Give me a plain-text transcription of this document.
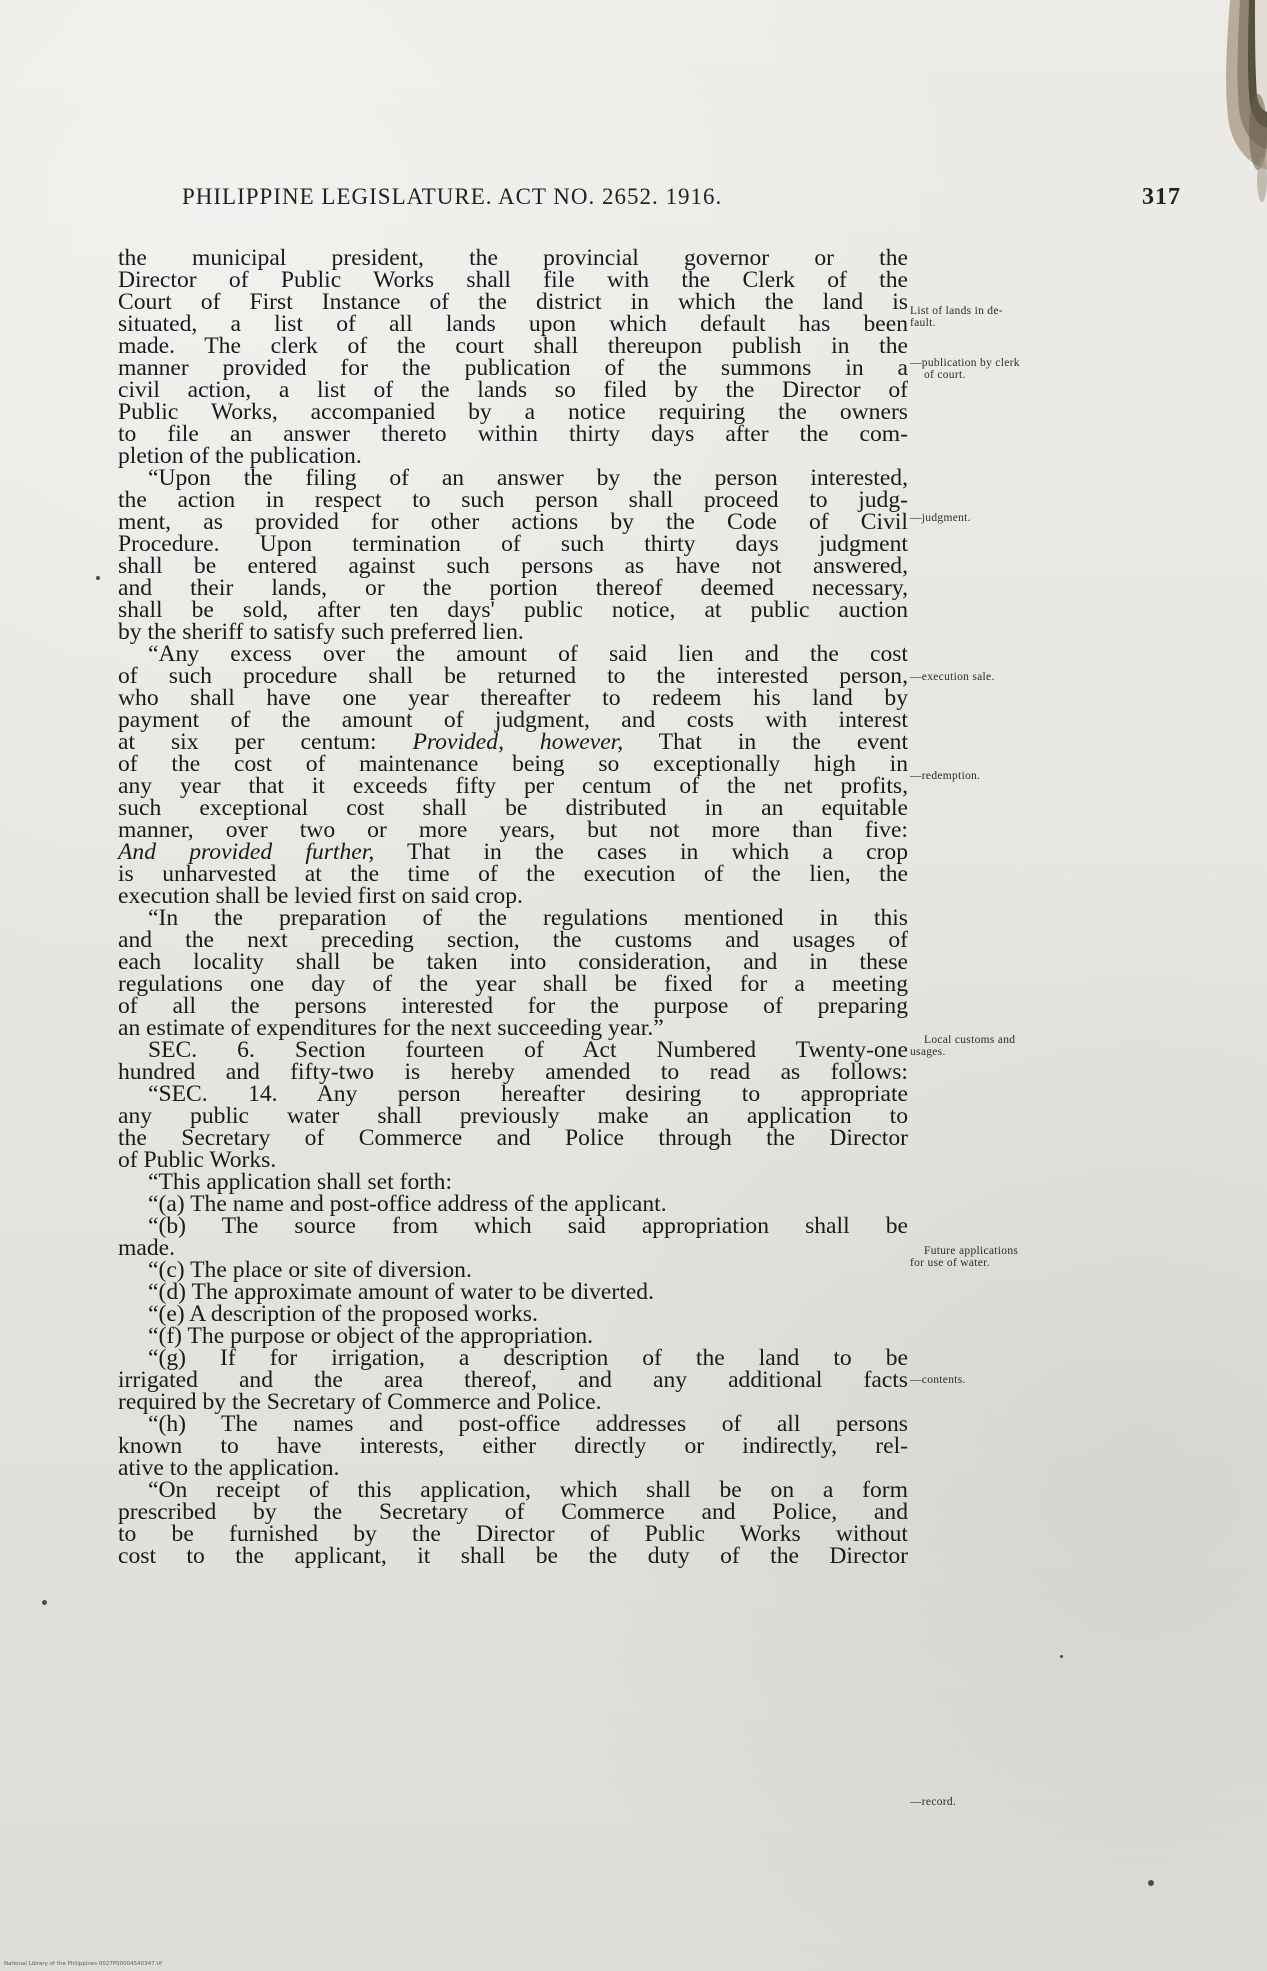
PHILIPPINE LEGISLATURE. ACT NO. 2652. 1916.	317
the municipal president, the provincial governor or the
Director of Public Works shall file with the Clerk of the
Court of First Instance of the district in which the land is
situated, a list of all lands upon which default has been
made. The clerk of the court shall thereupon publish in the
manner provided for the publication of the summons in a
civil action, a list of the lands so filed by the Director of
Public Works, accompanied by a notice requiring the owners
to file an answer thereto within thirty days after the com-
pletion of the publication.
“Upon the filing of an answer by the person interested,
the action in respect to such person shall proceed to judg-
ment, as provided for other actions by the Code of Civil
Procedure. Upon termination of such thirty days judgment
shall be entered against such persons as have not answered,
and their lands, or the portion thereof deemed necessary,
shall be sold, after ten days' public notice, at public auction
by the sheriff to satisfy such preferred lien.
“Any excess over the amount of said lien and the cost
of such procedure shall be returned to the interested person,
who shall have one year thereafter to redeem his land by
payment of the amount of judgment, and costs with interest
at six per centum: Provided, however, That in the event
of the cost of maintenance being so exceptionally high in
any year that it exceeds fifty per centum of the net profits,
such exceptional cost shall be distributed in an equitable
manner, over two or more years, but not more than five:
And provided further, That in the cases in which a crop
is unharvested at the time of the execution of the lien, the
execution shall be levied first on said crop.
“In the preparation of the regulations mentioned in this
and the next preceding section, the customs and usages of
each locality shall be taken into consideration, and in these
regulations one day of the year shall be fixed for a meeting
of all the persons interested for the purpose of preparing
an estimate of expenditures for the next succeeding year.”
SEC. 6. Section fourteen of Act Numbered Twenty-one
hundred and fifty-two is hereby amended to read as follows:
“SEC. 14. Any person hereafter desiring to appropriate
any public water shall previously make an application to
the Secretary of Commerce and Police through the Director
of Public Works.
“This application shall set forth:
“(a) The name and post-office address of the applicant.
“(b) The source from which said appropriation shall be
made.
“(c) The place or site of diversion.
“(d) The approximate amount of water to be diverted.
“(e) A description of the proposed works.
“(f) The purpose or object of the appropriation.
“(g) If for irrigation, a description of the land to be
irrigated and the area thereof, and any additional facts
required by the Secretary of Commerce and Police.
“(h) The names and post-office addresses of all persons
known to have interests, either directly or indirectly, rel-
ative to the application.
“On receipt of this application, which shall be on a form
prescribed by the Secretary of Commerce and Police, and
to be furnished by the Director of Public Works without
cost to the applicant, it shall be the duty of the Director
List of lands in de-
fault.
—publication by clerk
of court.
—judgment.
—execution sale.
—redemption.
Local customs and
usages.
Future applications
for use of water.
—contents.
—record.
National Library of the Philippines 0027P00004540347.tif
